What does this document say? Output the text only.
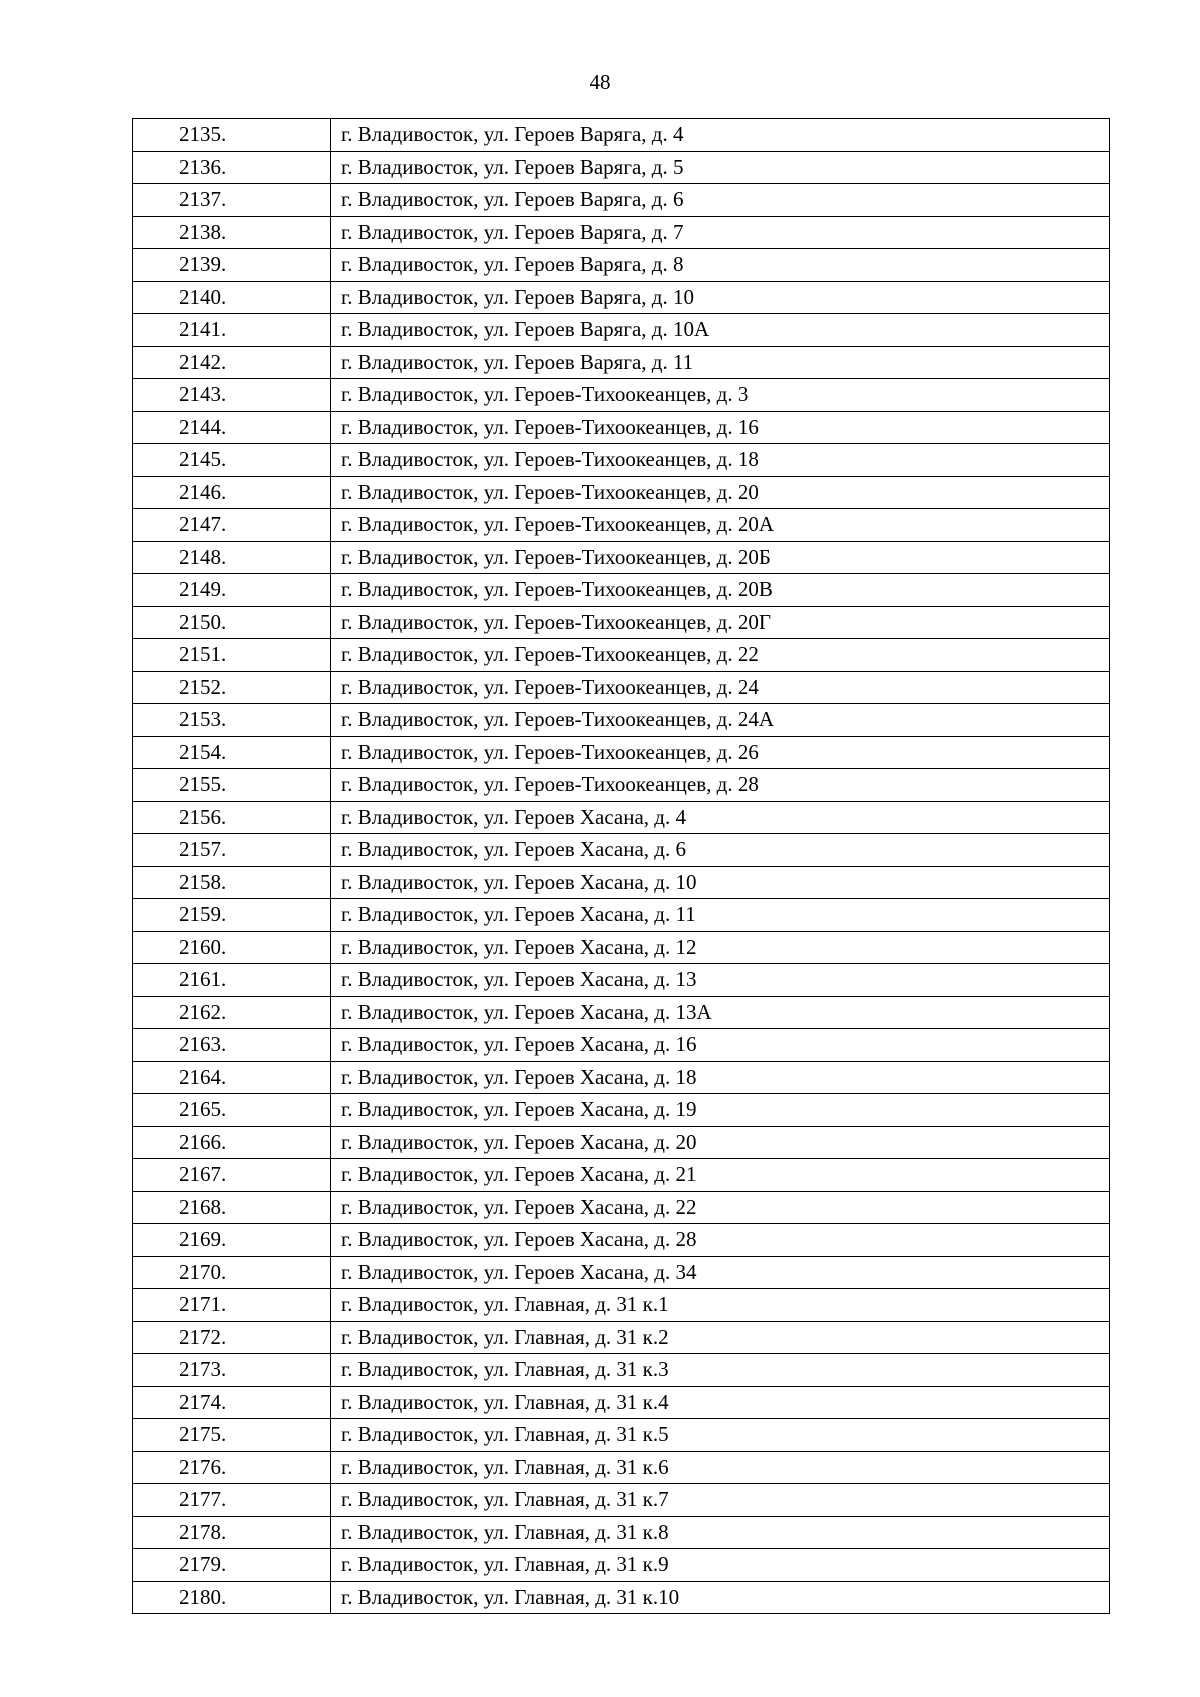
48
2135.	г. Владивосток, ул. Героев Варяга, д. 4
2136.	г. Владивосток, ул. Героев Варяга, д. 5
2137.	г. Владивосток, ул. Героев Варяга, д. 6
2138.	г. Владивосток, ул. Героев Варяга, д. 7
2139.	г. Владивосток, ул. Героев Варяга, д. 8
2140.	г. Владивосток, ул. Героев Варяга, д. 10
2141.	г. Владивосток, ул. Героев Варяга, д. 10А
2142.	г. Владивосток, ул. Героев Варяга, д. 11
2143.	г. Владивосток, ул. Героев-Тихоокеанцев, д. 3
2144.	г. Владивосток, ул. Героев-Тихоокеанцев, д. 16
2145.	г. Владивосток, ул. Героев-Тихоокеанцев, д. 18
2146.	г. Владивосток, ул. Героев-Тихоокеанцев, д. 20
2147.	г. Владивосток, ул. Героев-Тихоокеанцев, д. 20А
2148.	г. Владивосток, ул. Героев-Тихоокеанцев, д. 20Б
2149.	г. Владивосток, ул. Героев-Тихоокеанцев, д. 20В
2150.	г. Владивосток, ул. Героев-Тихоокеанцев, д. 20Г
2151.	г. Владивосток, ул. Героев-Тихоокеанцев, д. 22
2152.	г. Владивосток, ул. Героев-Тихоокеанцев, д. 24
2153.	г. Владивосток, ул. Героев-Тихоокеанцев, д. 24А
2154.	г. Владивосток, ул. Героев-Тихоокеанцев, д. 26
2155.	г. Владивосток, ул. Героев-Тихоокеанцев, д. 28
2156.	г. Владивосток, ул. Героев Хасана, д. 4
2157.	г. Владивосток, ул. Героев Хасана, д. 6
2158.	г. Владивосток, ул. Героев Хасана, д. 10
2159.	г. Владивосток, ул. Героев Хасана, д. 11
2160.	г. Владивосток, ул. Героев Хасана, д. 12
2161.	г. Владивосток, ул. Героев Хасана, д. 13
2162.	г. Владивосток, ул. Героев Хасана, д. 13А
2163.	г. Владивосток, ул. Героев Хасана, д. 16
2164.	г. Владивосток, ул. Героев Хасана, д. 18
2165.	г. Владивосток, ул. Героев Хасана, д. 19
2166.	г. Владивосток, ул. Героев Хасана, д. 20
2167.	г. Владивосток, ул. Героев Хасана, д. 21
2168.	г. Владивосток, ул. Героев Хасана, д. 22
2169.	г. Владивосток, ул. Героев Хасана, д. 28
2170.	г. Владивосток, ул. Героев Хасана, д. 34
2171.	г. Владивосток, ул. Главная, д. 31 к.1
2172.	г. Владивосток, ул. Главная, д. 31 к.2
2173.	г. Владивосток, ул. Главная, д. 31 к.3
2174.	г. Владивосток, ул. Главная, д. 31 к.4
2175.	г. Владивосток, ул. Главная, д. 31 к.5
2176.	г. Владивосток, ул. Главная, д. 31 к.6
2177.	г. Владивосток, ул. Главная, д. 31 к.7
2178.	г. Владивосток, ул. Главная, д. 31 к.8
2179.	г. Владивосток, ул. Главная, д. 31 к.9
2180.	г. Владивосток, ул. Главная, д. 31 к.10
